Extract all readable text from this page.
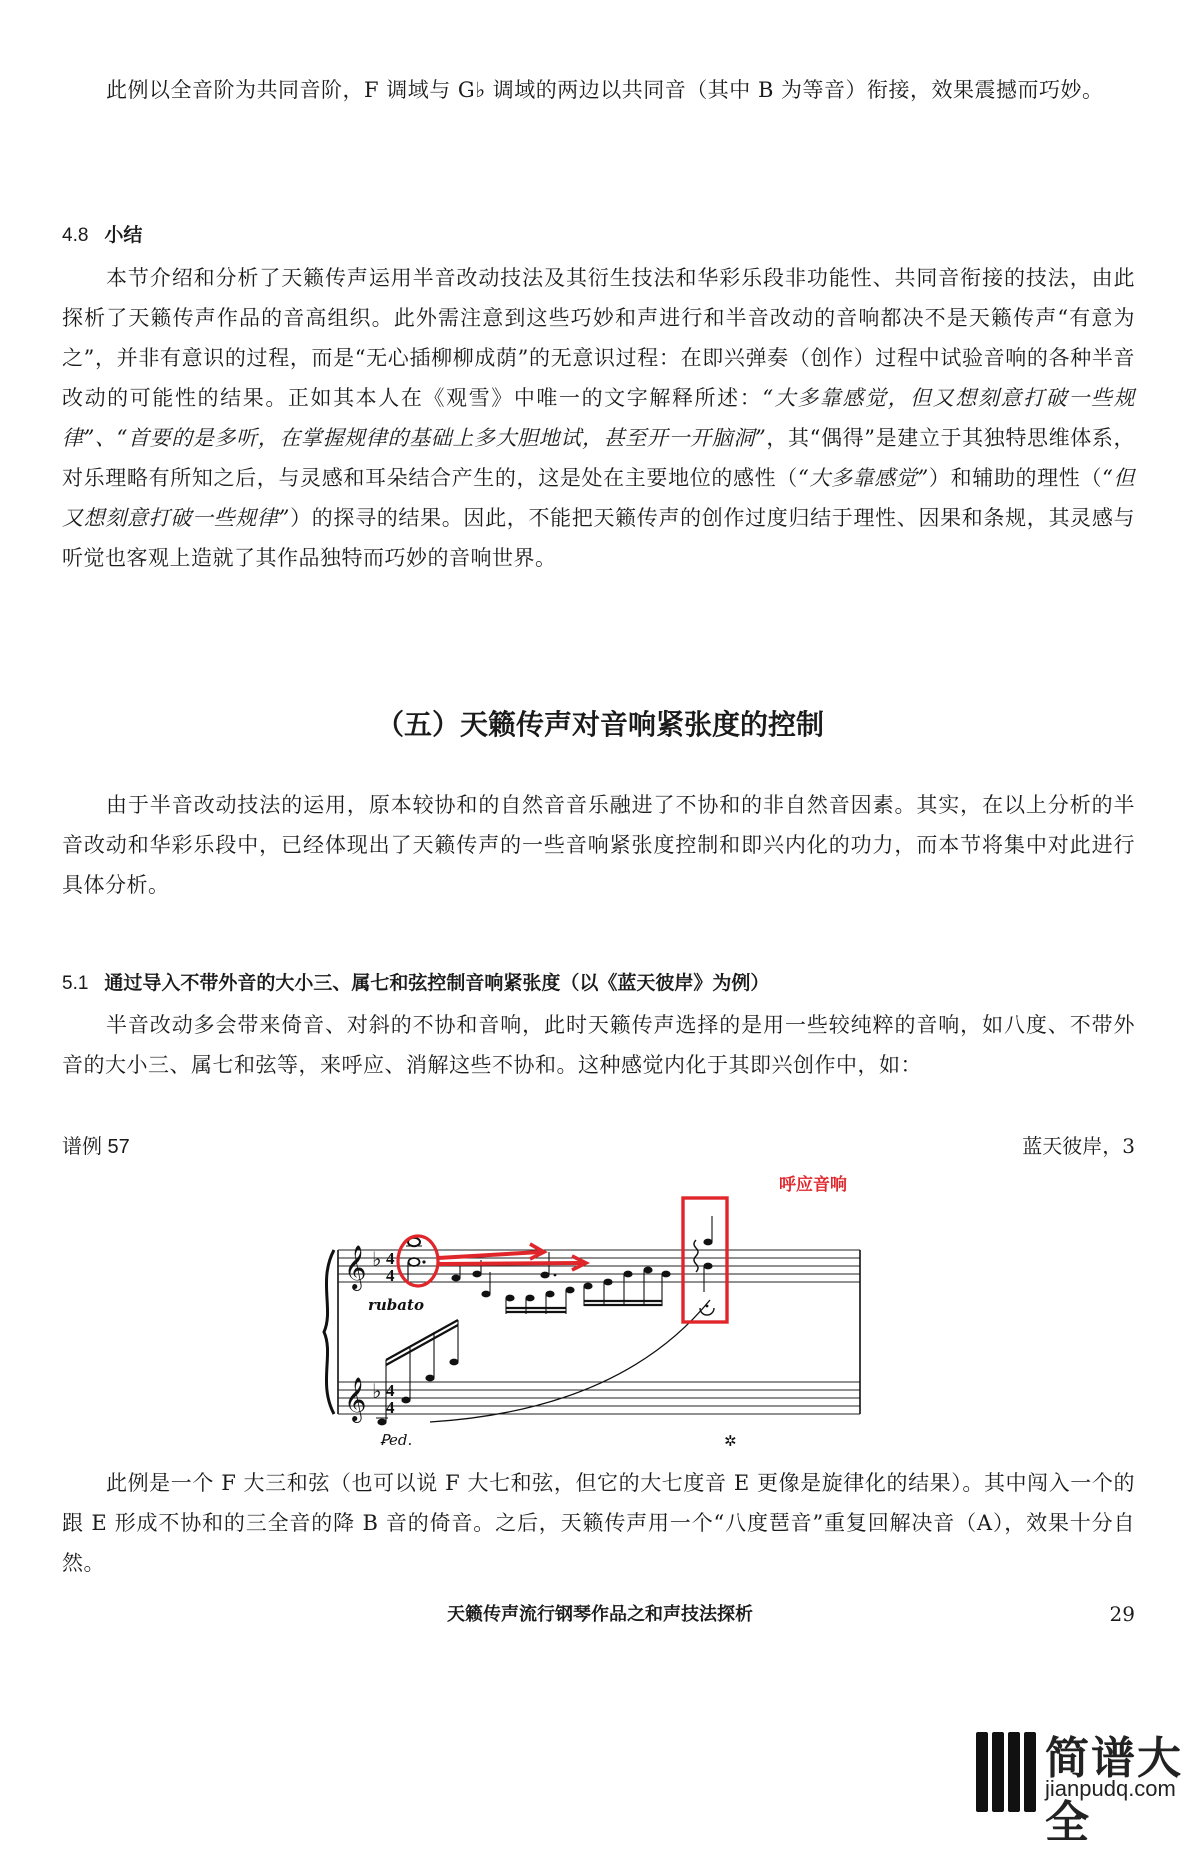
此例以全音阶为共同音阶，F 调域与 G♭ 调域的两边以共同音（其中 B 为等音）衔接，效果震撼而巧妙。

4.8 小结

本节介绍和分析了天籁传声运用半音改动技法及其衍生技法和华彩乐段非功能性、共同音衔接的技法，由此探析了天籁传声作品的音高组织。此外需注意到这些巧妙和声进行和半音改动的音响都决不是天籁传声“有意为之”，并非有意识的过程，而是“无心插柳柳成荫”的无意识过程：在即兴弹奏（创作）过程中试验音响的各种半音改动的可能性的结果。正如其本人在《观雪》中唯一的文字解释所述：“大多靠感觉，但又想刻意打破一些规律”、“首要的是多听，在掌握规律的基础上多大胆地试，甚至开一开脑洞”，其“偶得”是建立于其独特思维体系，对乐理略有所知之后，与灵感和耳朵结合产生的，这是处在主要地位的感性（“大多靠感觉”）和辅助的理性（“但又想刻意打破一些规律”）的探寻的结果。因此，不能把天籁传声的创作过度归结于理性、因果和条规，其灵感与听觉也客观上造就了其作品独特而巧妙的音响世界。

（五）天籁传声对音响紧张度的控制

由于半音改动技法的运用，原本较协和的自然音音乐融进了不协和的非自然音因素。其实，在以上分析的半音改动和华彩乐段中，已经体现出了天籁传声的一些音响紧张度控制和即兴内化的功力，而本节将集中对此进行具体分析。

5.1 通过导入不带外音的大小三、属七和弦控制音响紧张度（以《蓝天彼岸》为例）

半音改动多会带来倚音、对斜的不协和音响，此时天籁传声选择的是用一些较纯粹的音响，如八度、不带外音的大小三、属七和弦等，来呼应、消解这些不协和。这种感觉内化于其即兴创作中，如：

谱例 57	蓝天彼岸，3
呼应音响
𝄞
𝄞
♭
♭
4
4
4
4
rubato
Ꝑed.	✲

此例是一个 F 大三和弦（也可以说 F 大七和弦，但它的大七度音 E 更像是旋律化的结果）。其中闯入一个的跟 E 形成不协和的三全音的降 B 音的倚音。之后，天籁传声用一个“八度琶音”重复回解决音（A），效果十分自然。

天籁传声流行钢琴作品之和声技法探析	29
简谱大全
jianpudq.com
